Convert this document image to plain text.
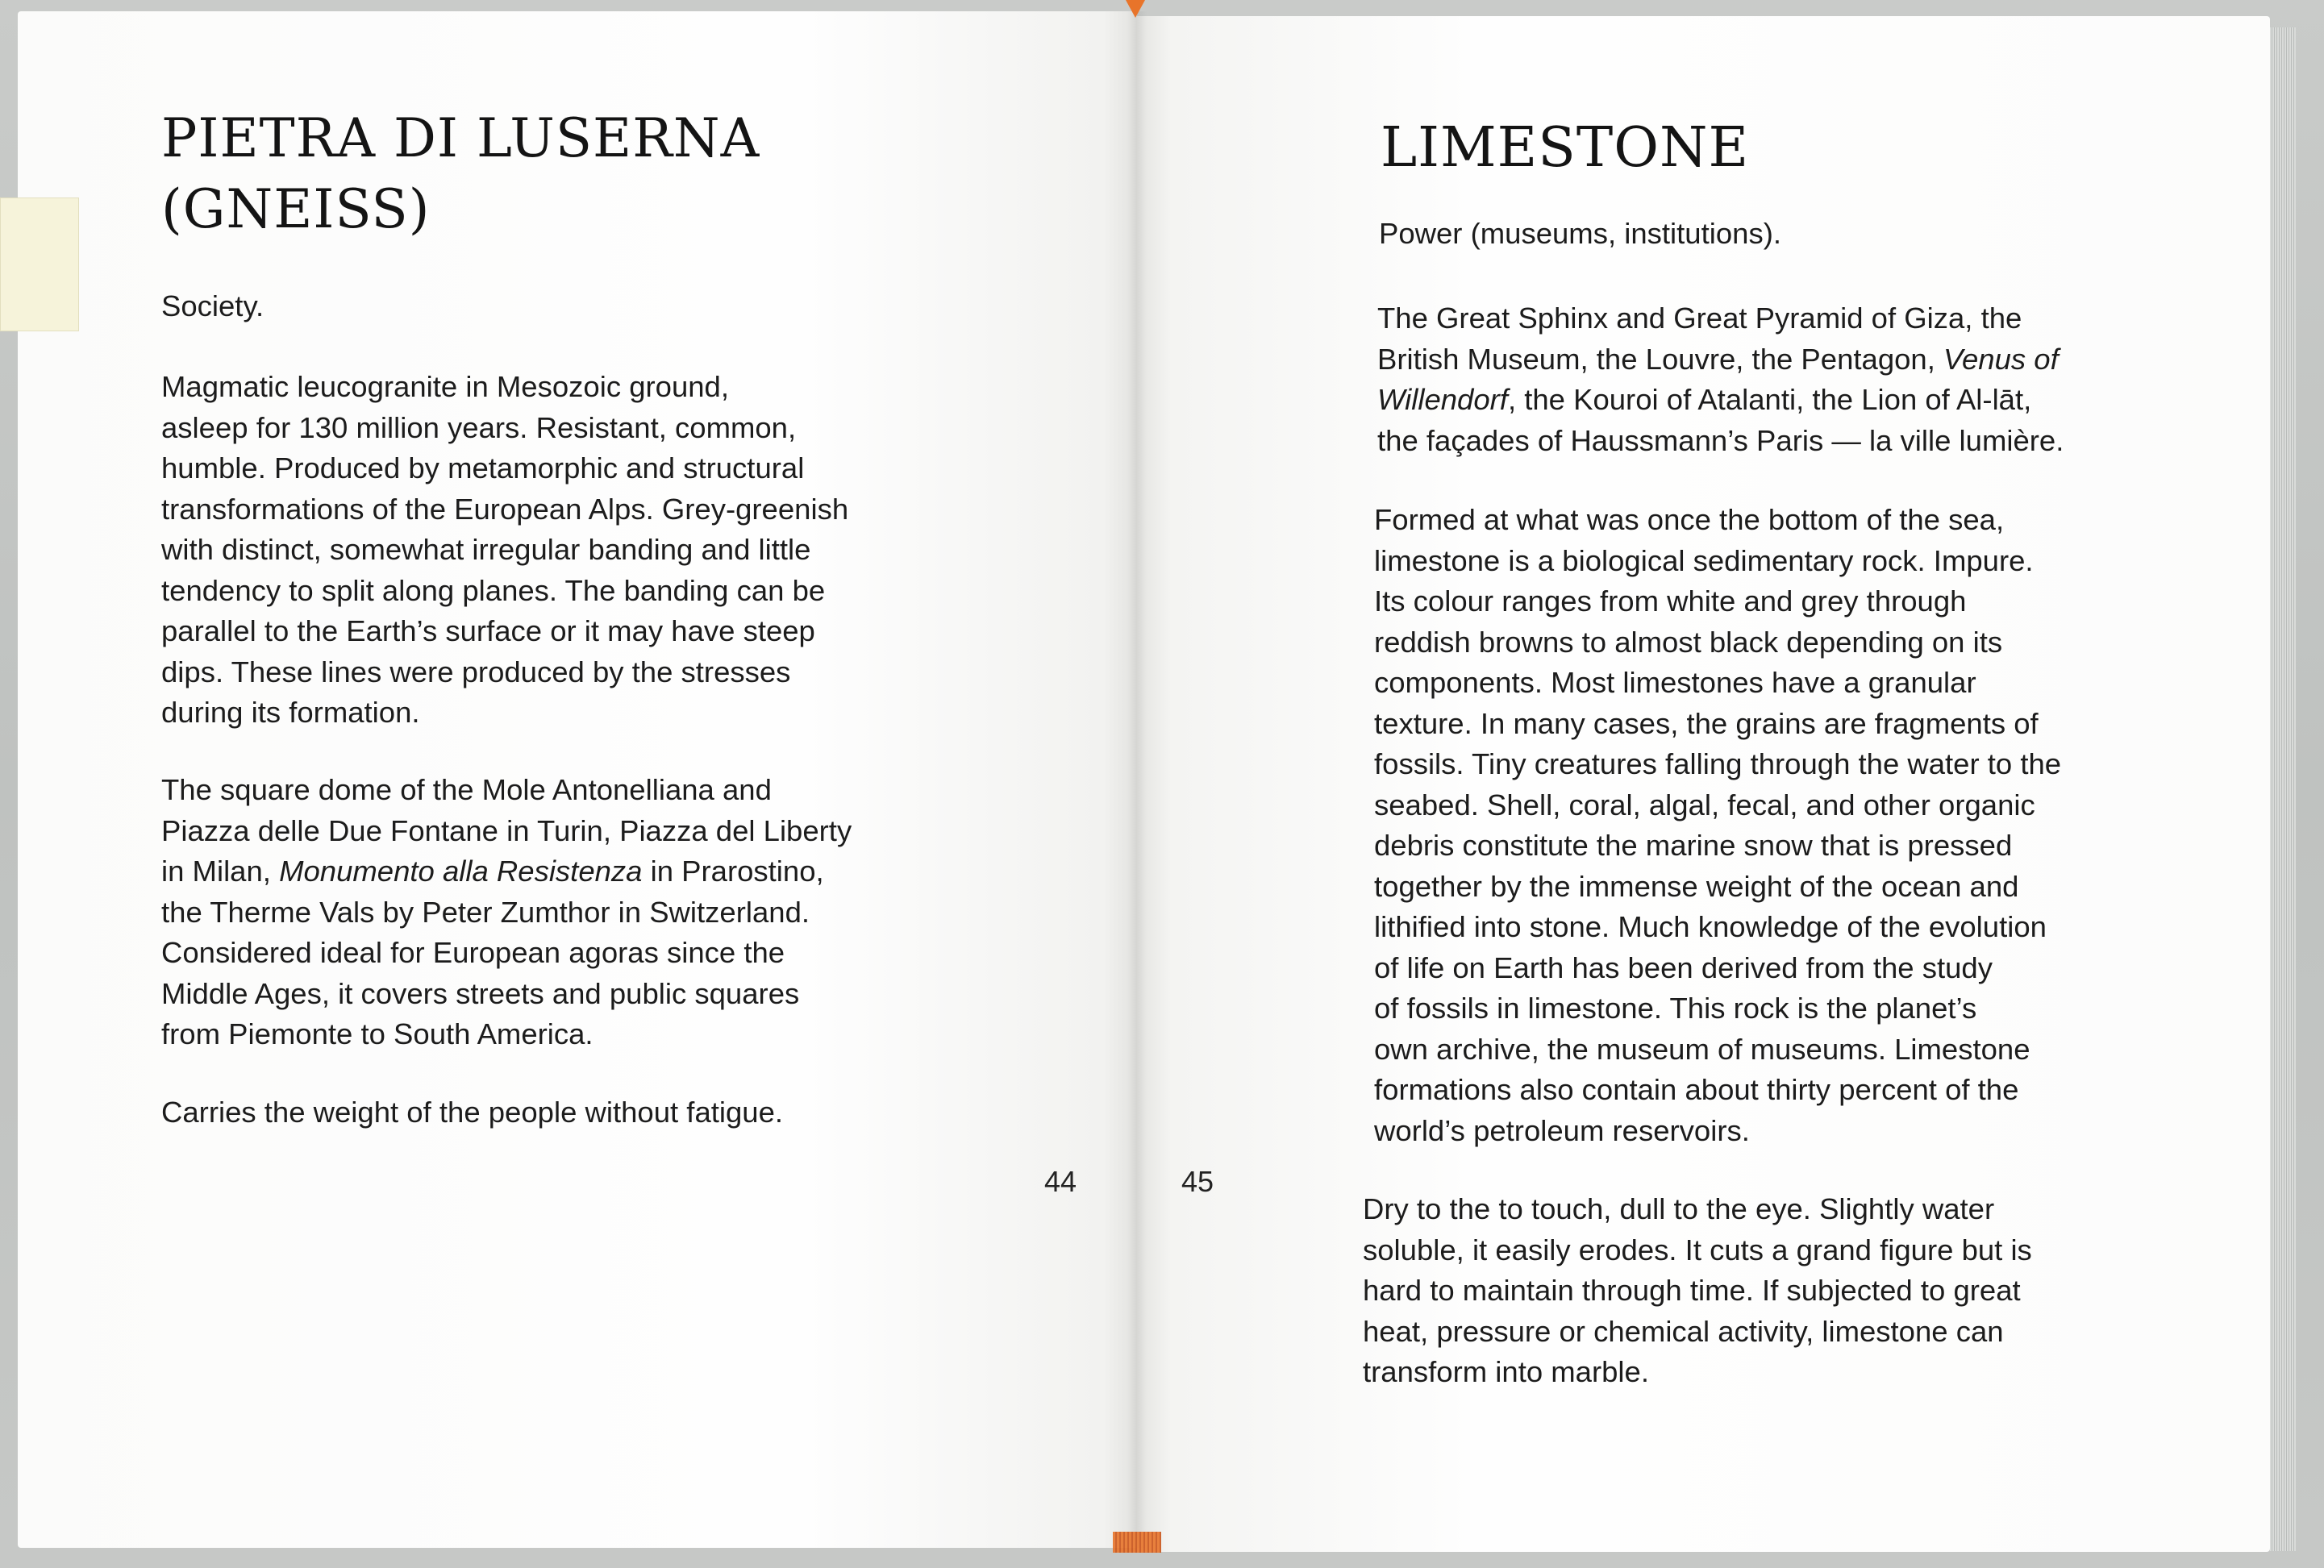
PIETRA DI LUSERNA
(GNEISS)

Society.

Magmatic leucogranite in Mesozoic ground,
asleep for 130 million years. Resistant, common,
humble. Produced by metamorphic and structural
transformations of the European Alps. Grey-greenish
with distinct, somewhat irregular banding and little
tendency to split along planes. The banding can be
parallel to the Earth’s surface or it may have steep
dips. These lines were produced by the stresses
during its formation.
The square dome of the Mole Antonelliana and
Piazza delle Due Fontane in Turin, Piazza del Liberty
in Milan, Monumento alla Resistenza in Prarostino,
the Therme Vals by Peter Zumthor in Switzerland.
Considered ideal for European agoras since the
Middle Ages, it covers streets and public squares
from Piemonte to South America.

Carries the weight of the people without fatigue.

44
LIMESTONE

Power (museums, institutions).

The Great Sphinx and Great Pyramid of Giza, the
British Museum, the Louvre, the Pentagon, Venus of
Willendorf, the Kouroi of Atalanti, the Lion of Al-lāt,
the façades of Haussmann’s Paris — la ville lumière.
Formed at what was once the bottom of the sea,
limestone is a biological sedimentary rock. Impure.
Its colour ranges from white and grey through
reddish browns to almost black depending on its
components. Most limestones have a granular
texture. In many cases, the grains are fragments of
fossils. Tiny creatures falling through the water to the
seabed. Shell, coral, algal, fecal, and other organic
debris constitute the marine snow that is pressed
together by the immense weight of the ocean and
lithified into stone. Much knowledge of the evolution
of life on Earth has been derived from the study
of fossils in limestone. This rock is the planet’s
own archive, the museum of museums. Limestone
formations also contain about thirty percent of the
world’s petroleum reservoirs.
45
Dry to the to touch, dull to the eye. Slightly water
soluble, it easily erodes. It cuts a grand figure but is
hard to maintain through time. If subjected to great
heat, pressure or chemical activity, limestone can
transform into marble.
